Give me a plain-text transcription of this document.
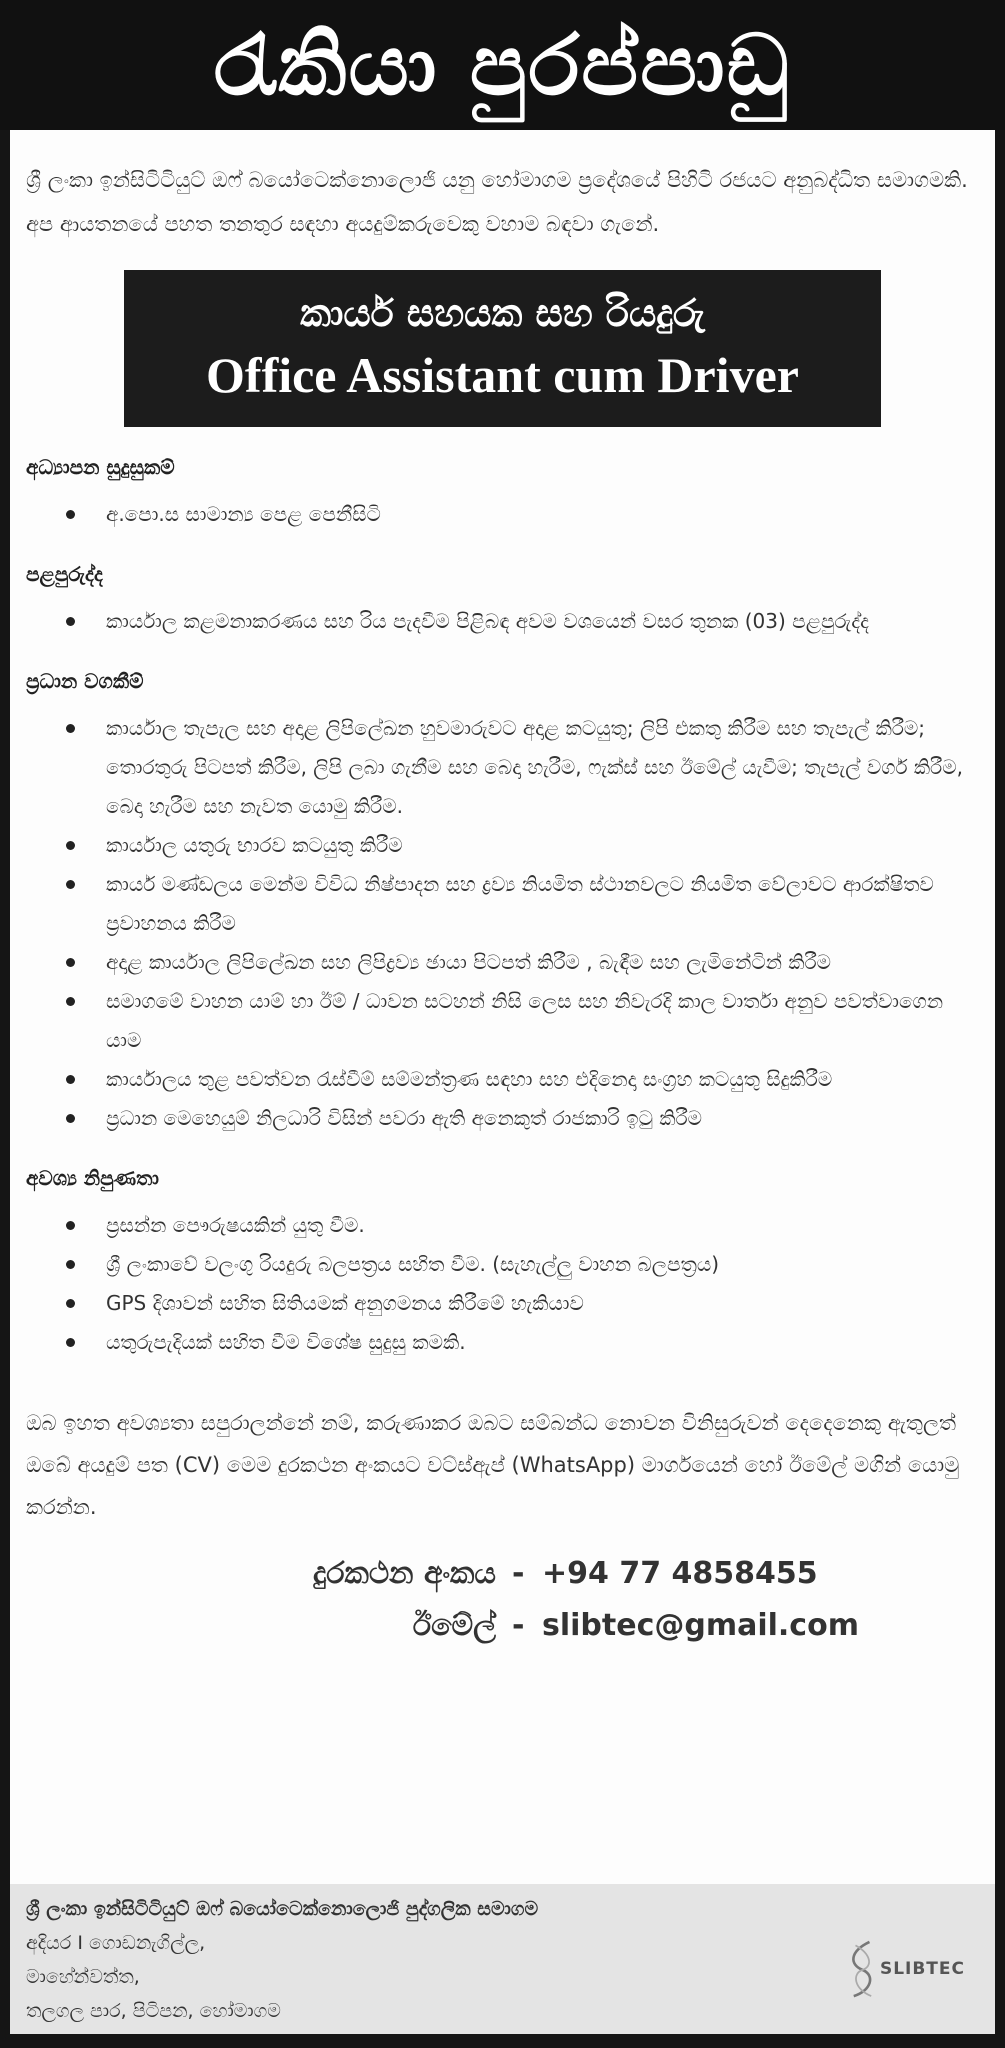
රැකියා පුරප්පාඩු
ශ්‍රී ලංකා ඉන්සිටිටියුට් ඔෆ් බයෝටෙක්නොලොජි යනු හෝමාගම ප්‍රදේශයේ පිහිටි රජයට අනුබද්ධිත සමාගමකි. අප ආයතනයේ පහත තනතුර සඳහා අයදුම්කරුවෙකු වහාම බඳවා ගැනේ.
කාර්ය සහයක සහ රියදුරු
Office Assistant cum Driver
අධ්‍යාපන සුදුසුකම්
අ.පො.ස සාමාන්‍ය පෙළ පෙනීසිටි
පළපුරුද්ද
කාර්යාල කළමනාකරණය සහ රිය පැදවීම පිළිබඳ අවම වශයෙන් වසර තුනක (03) පළපුරුද්ද
ප්‍රධාන වගකීම්
කාර්යාල තැපැල සහ අදාළ ලිපිලේඛන හුවමාරුවට අදාළ කටයුතු; ලිපි එකතු කිරීම සහ තැපැල් කිරීම; තොරතුරු පිටපත් කිරීම, ලිපි ලබා ගැනීම සහ බෙදා හැරීම, ෆැක්ස් සහ ඊමේල් යැවීම; තැපැල් වර්ග කිරීම, බෙදා හැරීම සහ නැවත යොමු කිරීම.
කාර්යාල යතුරු භාරව කටයුතු කිරීම
කාර්ය මණ්ඩලය මෙන්ම විවිධ නිෂ්පාදන සහ ද්‍රව්‍ය නියමිත ස්ථානවලට නියමිත වේලාවට ආරක්ෂිතව ප්‍රවාහනය කිරීම
අදාළ කාර්යාල ලිපිලේඛන සහ ලිපිද්‍රව්‍ය ඡායා පිටපත් කිරීම , බැඳීම සහ ලැමිනේටින් කිරීම
සමාගමේ වාහන යාම් හා ඊම් / ධාවන සටහන් නිසි ලෙස සහ නිවැරදි කාල වාර්තා අනුව පවත්වාගෙන යාම
කාර්යාලය තුළ පවත්වන රැස්වීම් සම්මන්ත්‍රණ සඳහා සහ එදිනෙදා සංග්‍රහ කටයුතු සිදුකිරීම
ප්‍රධාන මෙහෙයුම් නිලධාරි විසින් පවරා ඇති අනෙකුත් රාජකාරි ඉටු කිරීම
අවශ්‍ය නිපුණතා
ප්‍රසන්න පෞරුෂයකින් යුතු වීම.
ශ්‍රී ලංකාවේ වලංගු රියදුරු බලපත්‍රය සහිත වීම. (සැහැල්ලු වාහන බලපත්‍රය)
GPS දිශාවන් සහිත සිතියමක් අනුගමනය කිරීමේ හැකියාව
යතුරුපැදියක් සහිත වීම විශේෂ සුදුසු කමකි.
ඔබ ඉහත අවශ්‍යතා සපුරාලන්නේ නම්, කරුණාකර ඔබට සම්බන්ධ නොවන විනිසුරුවන් දෙදෙනෙකු ඇතුලත් ඔබේ අයදුම් පත (CV) මෙම දුරකථන අංකයට වට්ස්ඇප් (WhatsApp) මාර්ගයෙන් හෝ ඊමේල් මගින් යොමු කරන්න.
දුරකථන අංකය - +94 77 4858455
ඊමේල් - slibtec@gmail.com
ශ්‍රී ලංකා ඉන්සිටිටියුට් ඔෆ් බයෝටෙක්නොලොජි පුද්ගලික සමාගම
අදියර I ගොඩනැගිල්ල,
මාහේන්වත්ත,
තලගල පාර, පිටිපන, හෝමාගම
SLIBTEC
